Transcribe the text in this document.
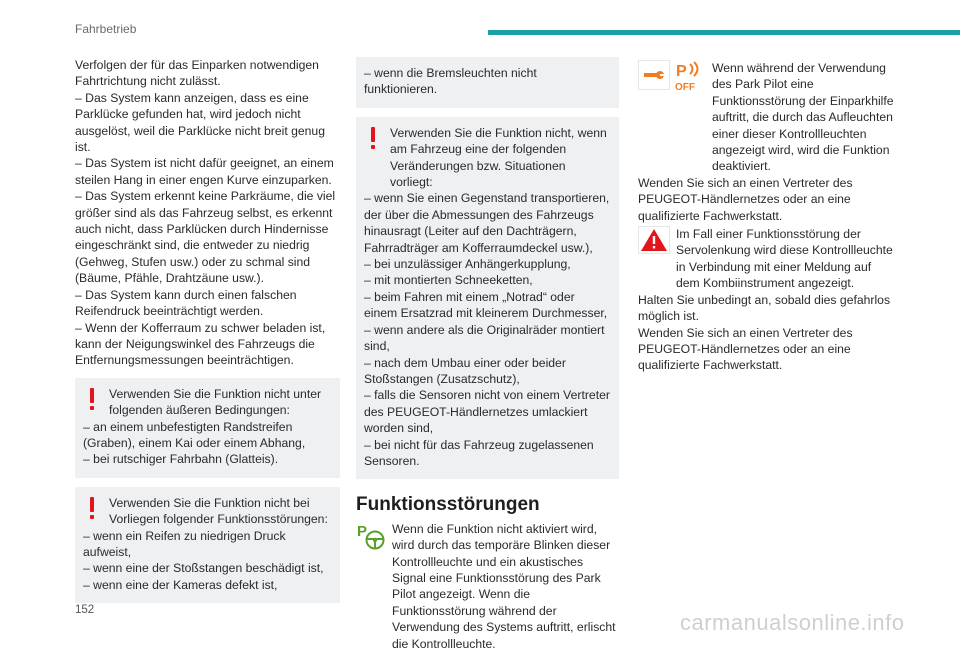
Fahrbetrieb

Verfolgen der für das Einparken notwendigen Fahrtrichtung nicht zulässt.

– Das System kann anzeigen, dass es eine Parklücke gefunden hat, wird jedoch nicht ausgelöst, weil die Parklücke nicht breit genug ist.

– Das System ist nicht dafür geeignet, an einem steilen Hang in einer engen Kurve einzuparken.

– Das System erkennt keine Parkräume, die viel größer sind als das Fahrzeug selbst, es erkennt auch nicht, dass Parklücken durch Hindernisse eingeschränkt sind, die entweder zu niedrig (Gehweg, Stufen usw.) oder zu schmal sind (Bäume, Pfähle, Drahtzäune usw.).

– Das System kann durch einen falschen Reifendruck beeinträchtigt werden.

– Wenn der Kofferraum zu schwer beladen ist, kann der Neigungswinkel des Fahrzeugs die Entfernungsmessungen beeinträchtigen.

Verwenden Sie die Funktion nicht unter folgenden äußeren Bedingungen:

– an einem unbefestigten Randstreifen (Graben), einem Kai oder einem Abhang,

– bei rutschiger Fahrbahn (Glatteis).

Verwenden Sie die Funktion nicht bei Vorliegen folgender Funktionsstörungen:

– wenn ein Reifen zu niedrigen Druck aufweist,

– wenn eine der Stoßstangen beschädigt ist,

– wenn eine der Kameras defekt ist,

– wenn die Bremsleuchten nicht funktionieren.

Verwenden Sie die Funktion nicht, wenn am Fahrzeug eine der folgenden Veränderungen bzw. Situationen vorliegt:

– wenn Sie einen Gegenstand transportieren, der über die Abmessungen des Fahrzeugs hinausragt (Leiter auf den Dachträgern, Fahrradträger am Kofferraumdeckel usw.),

– bei unzulässiger Anhängerkupplung,

– mit montierten Schneeketten,

– beim Fahren mit einem „Notrad“ oder einem Ersatzrad mit kleinerem Durchmesser,

– wenn andere als die Originalräder montiert sind,

– nach dem Umbau einer oder beider Stoßstangen (Zusatzschutz),

– falls die Sensoren nicht von einem Vertreter des PEUGEOT-Händlernetzes umlackiert worden sind,

– bei nicht für das Fahrzeug zugelassenen Sensoren.

Funktionsstörungen
P Wenn die Funktion nicht aktiviert wird, wird durch das temporäre Blinken dieser Kontrollleuchte und ein akustisches Signal eine Funktionsstörung des Park Pilot angezeigt. Wenn die Funktionsstörung während der Verwendung des Systems auftritt, erlischt die Kontrollleuchte.

P
OFF

Wenn während der Verwendung des Park Pilot eine Funktionsstörung der Einparkhilfe auftritt, die durch das Aufleuchten einer dieser Kontrollleuchten angezeigt wird, wird die Funktion deaktiviert.

Wenden Sie sich an einen Vertreter des PEUGEOT-Händlernetzes oder an eine qualifizierte Fachwerkstatt.

Im Fall einer Funktionsstörung der Servolenkung wird diese Kontrollleuchte in Verbindung mit einer Meldung auf dem Kombiinstrument angezeigt.

Halten Sie unbedingt an, sobald dies gefahrlos möglich ist.

Wenden Sie sich an einen Vertreter des PEUGEOT-Händlernetzes oder an eine qualifizierte Fachwerkstatt.

152	carmanualsonline.info
